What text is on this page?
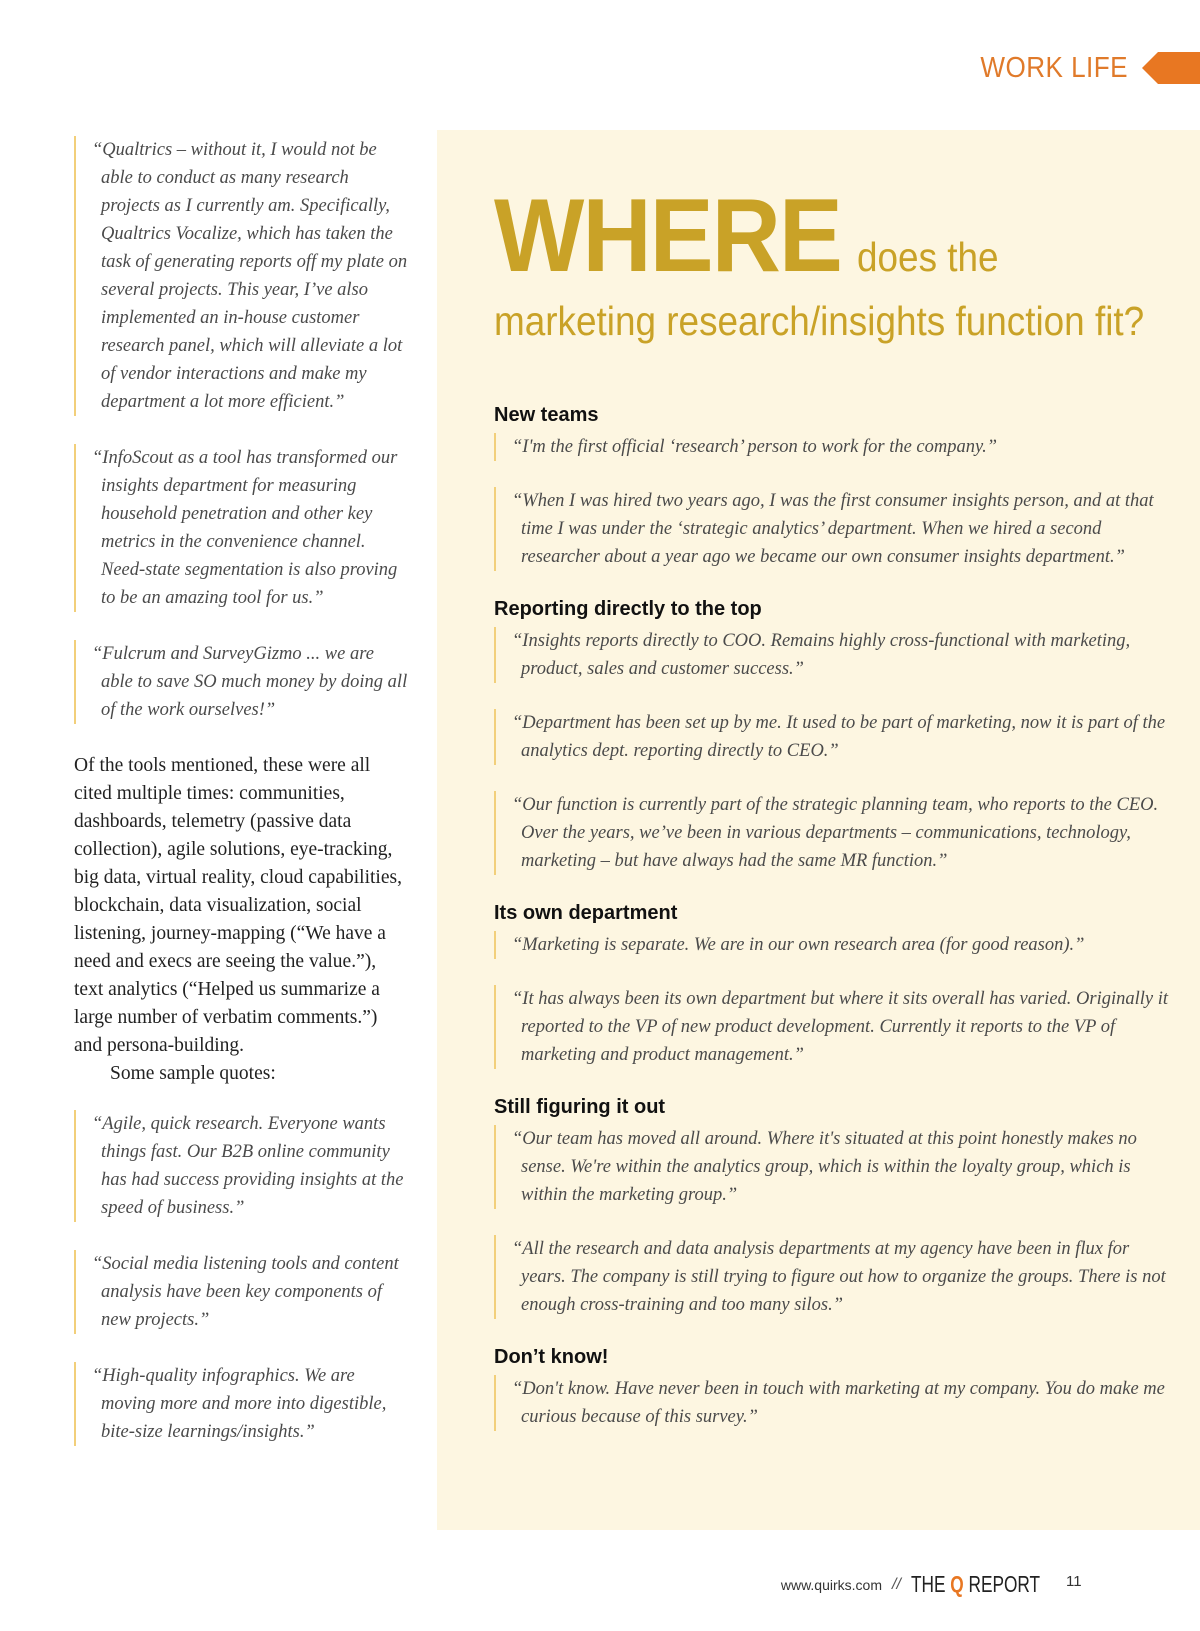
WORK LIFE
“Qualtrics – without it, I would not be able to conduct as many research projects as I currently am. Specifically, Qualtrics Vocalize, which has taken the task of generating reports off my plate on several projects. This year, I’ve also implemented an in-house customer research panel, which will alleviate a lot of vendor interactions and make my department a lot more efficient.”
“InfoScout as a tool has transformed our insights department for measuring household penetration and other key metrics in the convenience channel. Need-state segmentation is also proving to be an amazing tool for us.”
“Fulcrum and SurveyGizmo ... we are able to save SO much money by doing all of the work ourselves!”
Of the tools mentioned, these were all cited multiple times: communities, dashboards, telemetry (passive data collection), agile solutions, eye-tracking, big data, virtual reality, cloud capabilities, blockchain, data visualization, social listening, journey-mapping (“We have a need and execs are seeing the value.”), text analytics (“Helped us summarize a large number of verbatim comments.”) and persona-building.
Some sample quotes:
“Agile, quick research. Everyone wants things fast. Our B2B online community has had success providing insights at the speed of business.”
“Social media listening tools and content analysis have been key components of new projects.”
“High-quality infographics. We are moving more and more into digestible, bite-size learnings/insights.”
WHERE does the
marketing research/insights function fit?
New teams
“I'm the first official ‘research’ person to work for the company.”
“When I was hired two years ago, I was the first consumer insights person, and at that time I was under the ‘strategic analytics’ department. When we hired a second researcher about a year ago we became our own consumer insights department.”
Reporting directly to the top
“Insights reports directly to COO. Remains highly cross-functional with marketing, product, sales and customer success.”
“Department has been set up by me. It used to be part of marketing, now it is part of the analytics dept. reporting directly to CEO.”
“Our function is currently part of the strategic planning team, who reports to the CEO. Over the years, we’ve been in various departments – communications, technology, marketing – but have always had the same MR function.”
Its own department
“Marketing is separate. We are in our own research area (for good reason).”
“It has always been its own department but where it sits overall has varied. Originally it reported to the VP of new product development. Currently it reports to the VP of marketing and product management.”
Still figuring it out
“Our team has moved all around. Where it's situated at this point honestly makes no sense. We're within the analytics group, which is within the loyalty group, which is within the marketing group.”
“All the research and data analysis departments at my agency have been in flux for years. The company is still trying to figure out how to organize the groups. There is not enough cross-training and too many silos.”
Don’t know!
“Don't know. Have never been in touch with marketing at my company. You do make me curious because of this survey.”
www.quirks.com // THE Q REPORT 11
